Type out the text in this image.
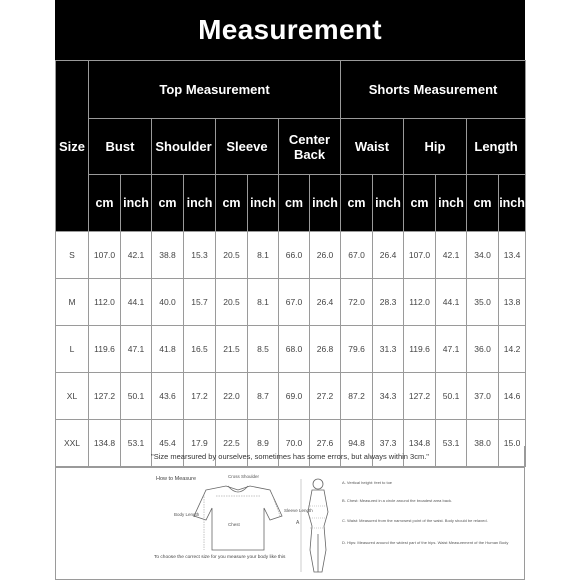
Measurement
Size	Top Measurement								Shorts Measurement					
	Bust		Shoulder		Sleeve		Center Back		Waist		Hip		Length	
	cm	inch	cm	inch	cm	inch	cm	inch	cm	inch	cm	inch	cm	inch
S	107.0	42.1	38.8	15.3	20.5	8.1	66.0	26.0	67.0	26.4	107.0	42.1	34.0	13.4
M	112.0	44.1	40.0	15.7	20.5	8.1	67.0	26.4	72.0	28.3	112.0	44.1	35.0	13.8
L	119.6	47.1	41.8	16.5	21.5	8.5	68.0	26.8	79.6	31.3	119.6	47.1	36.0	14.2
XL	127.2	50.1	43.6	17.2	22.0	8.7	69.0	27.2	87.2	34.3	127.2	50.1	37.0	14.6
XXL	134.8	53.1	45.4	17.9	22.5	8.9	70.0	27.6	94.8	37.3	134.8	53.1	38.0	15.0
"Size mearsured by ourselves, sometimes has some errors, but always within 3cm."
How to Measure	Cross Shoulder
Body Length
Sleeve Length
Chest	A
A. Vertical height: feet to toe
B. Chest: Measured in a circle around the broadest area back.
C. Waist: Measured from the narrowest point of the waist. Body should be relaxed.
D. Hips: Measured around the widest part of the hips. Waist Measurement of the Human Body
To choose the correct size for you measure your body like this
